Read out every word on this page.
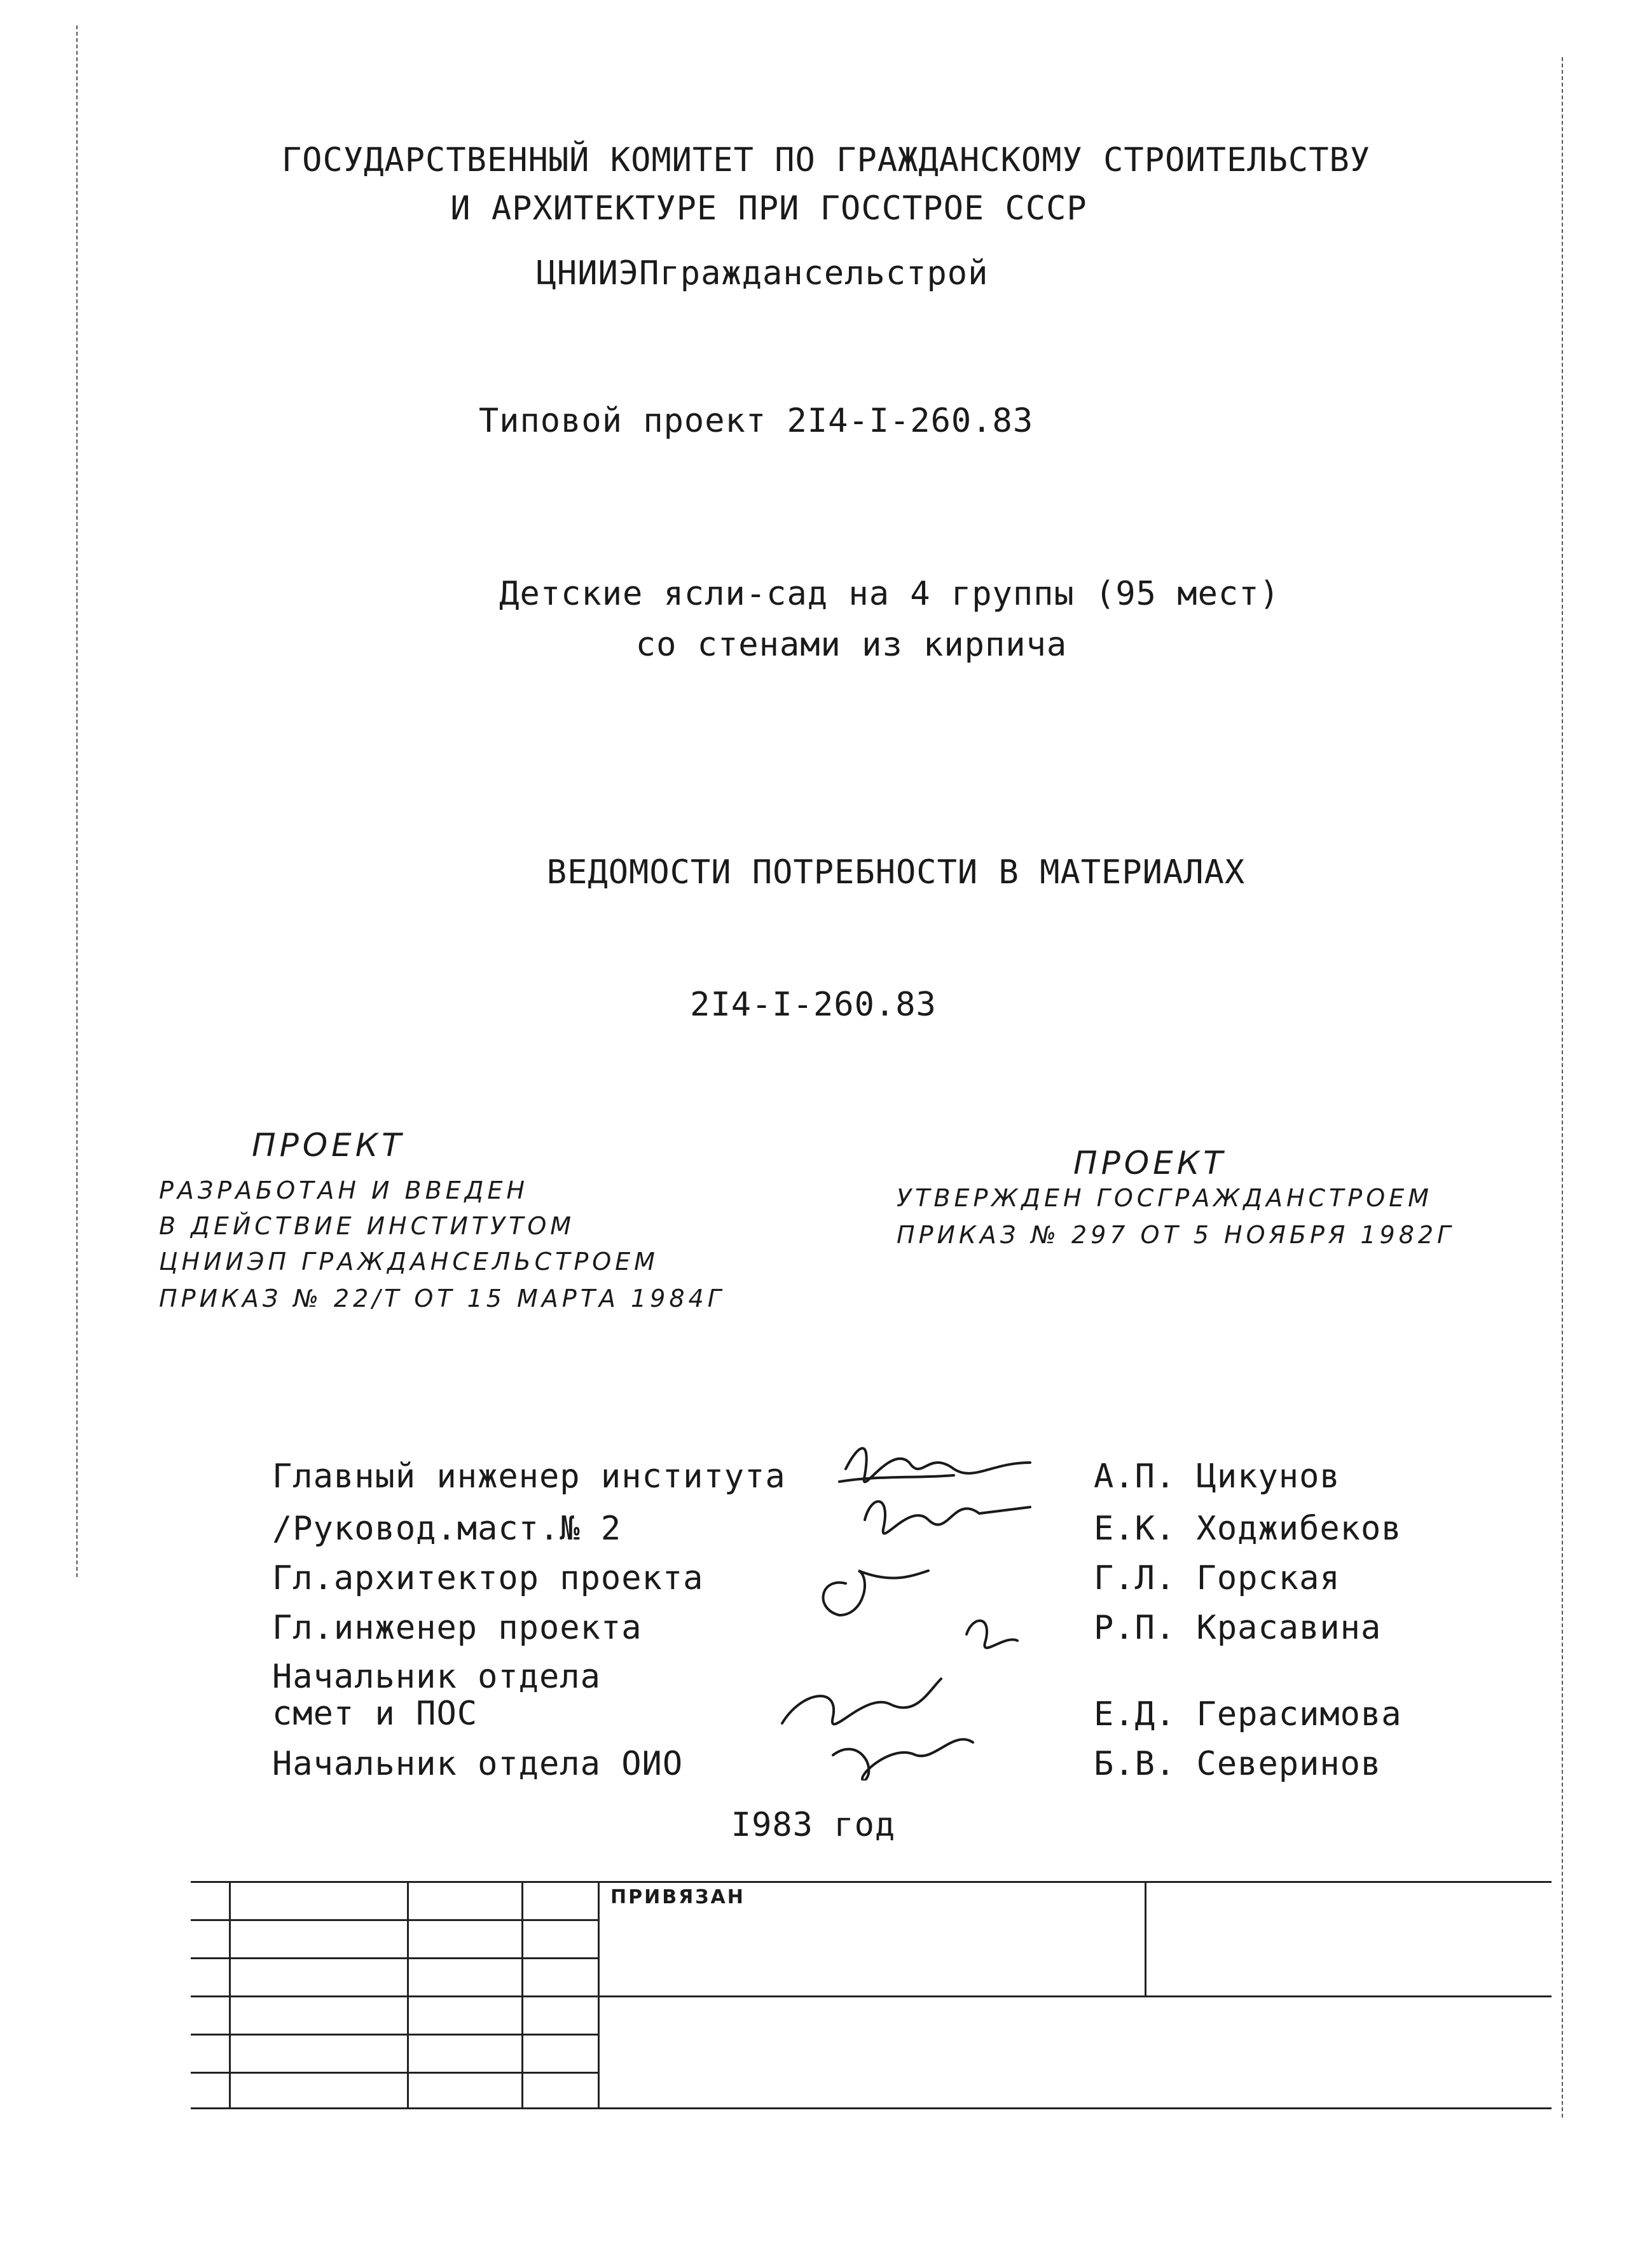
ГОСУДАРСТВЕННЫЙ КОМИТЕТ ПО ГРАЖДАНСКОМУ СТРОИТЕЛЬСТВУ
И АРХИТЕКТУРЕ ПРИ ГОССТРОЕ СССР
ЦНИИЭПгражданcельстрой
Типовой проект 2I4-I-260.83
Детские ясли-сад на 4 группы (95 мест)
со стенами из кирпича
ВЕДОМОСТИ ПОТРЕБНОСТИ В МАТЕРИАЛАХ
2I4-I-260.83
ПРОЕКТ
РАЗРАБОТАН И ВВЕДЕН
В ДЕЙСТВИЕ ИНСТИТУТОМ
ЦНИИЭП ГРАЖДАНCЕЛЬСТРОЕМ
ПРИКАЗ № 22/Т ОТ 15 МАРТА 1984Г
ПРОЕКТ
УТВЕРЖДЕН ГОСГРАЖДАНСТРОЕМ
ПРИКАЗ № 297 ОТ 5 НОЯБРЯ 1982Г
Главный инженер института	А.П. Цикунов
/Руковод.маст.№ 2	Е.К. Ходжибеков
Гл.архитектор проекта	Г.Л. Горская
Гл.инженер проекта	Р.П. Красавина
Начальник отдела
смет и ПОС	Е.Д. Герасимова
Начальник отдела ОИО	Б.В. Северинов
I983 год
ПРИВЯЗАН
